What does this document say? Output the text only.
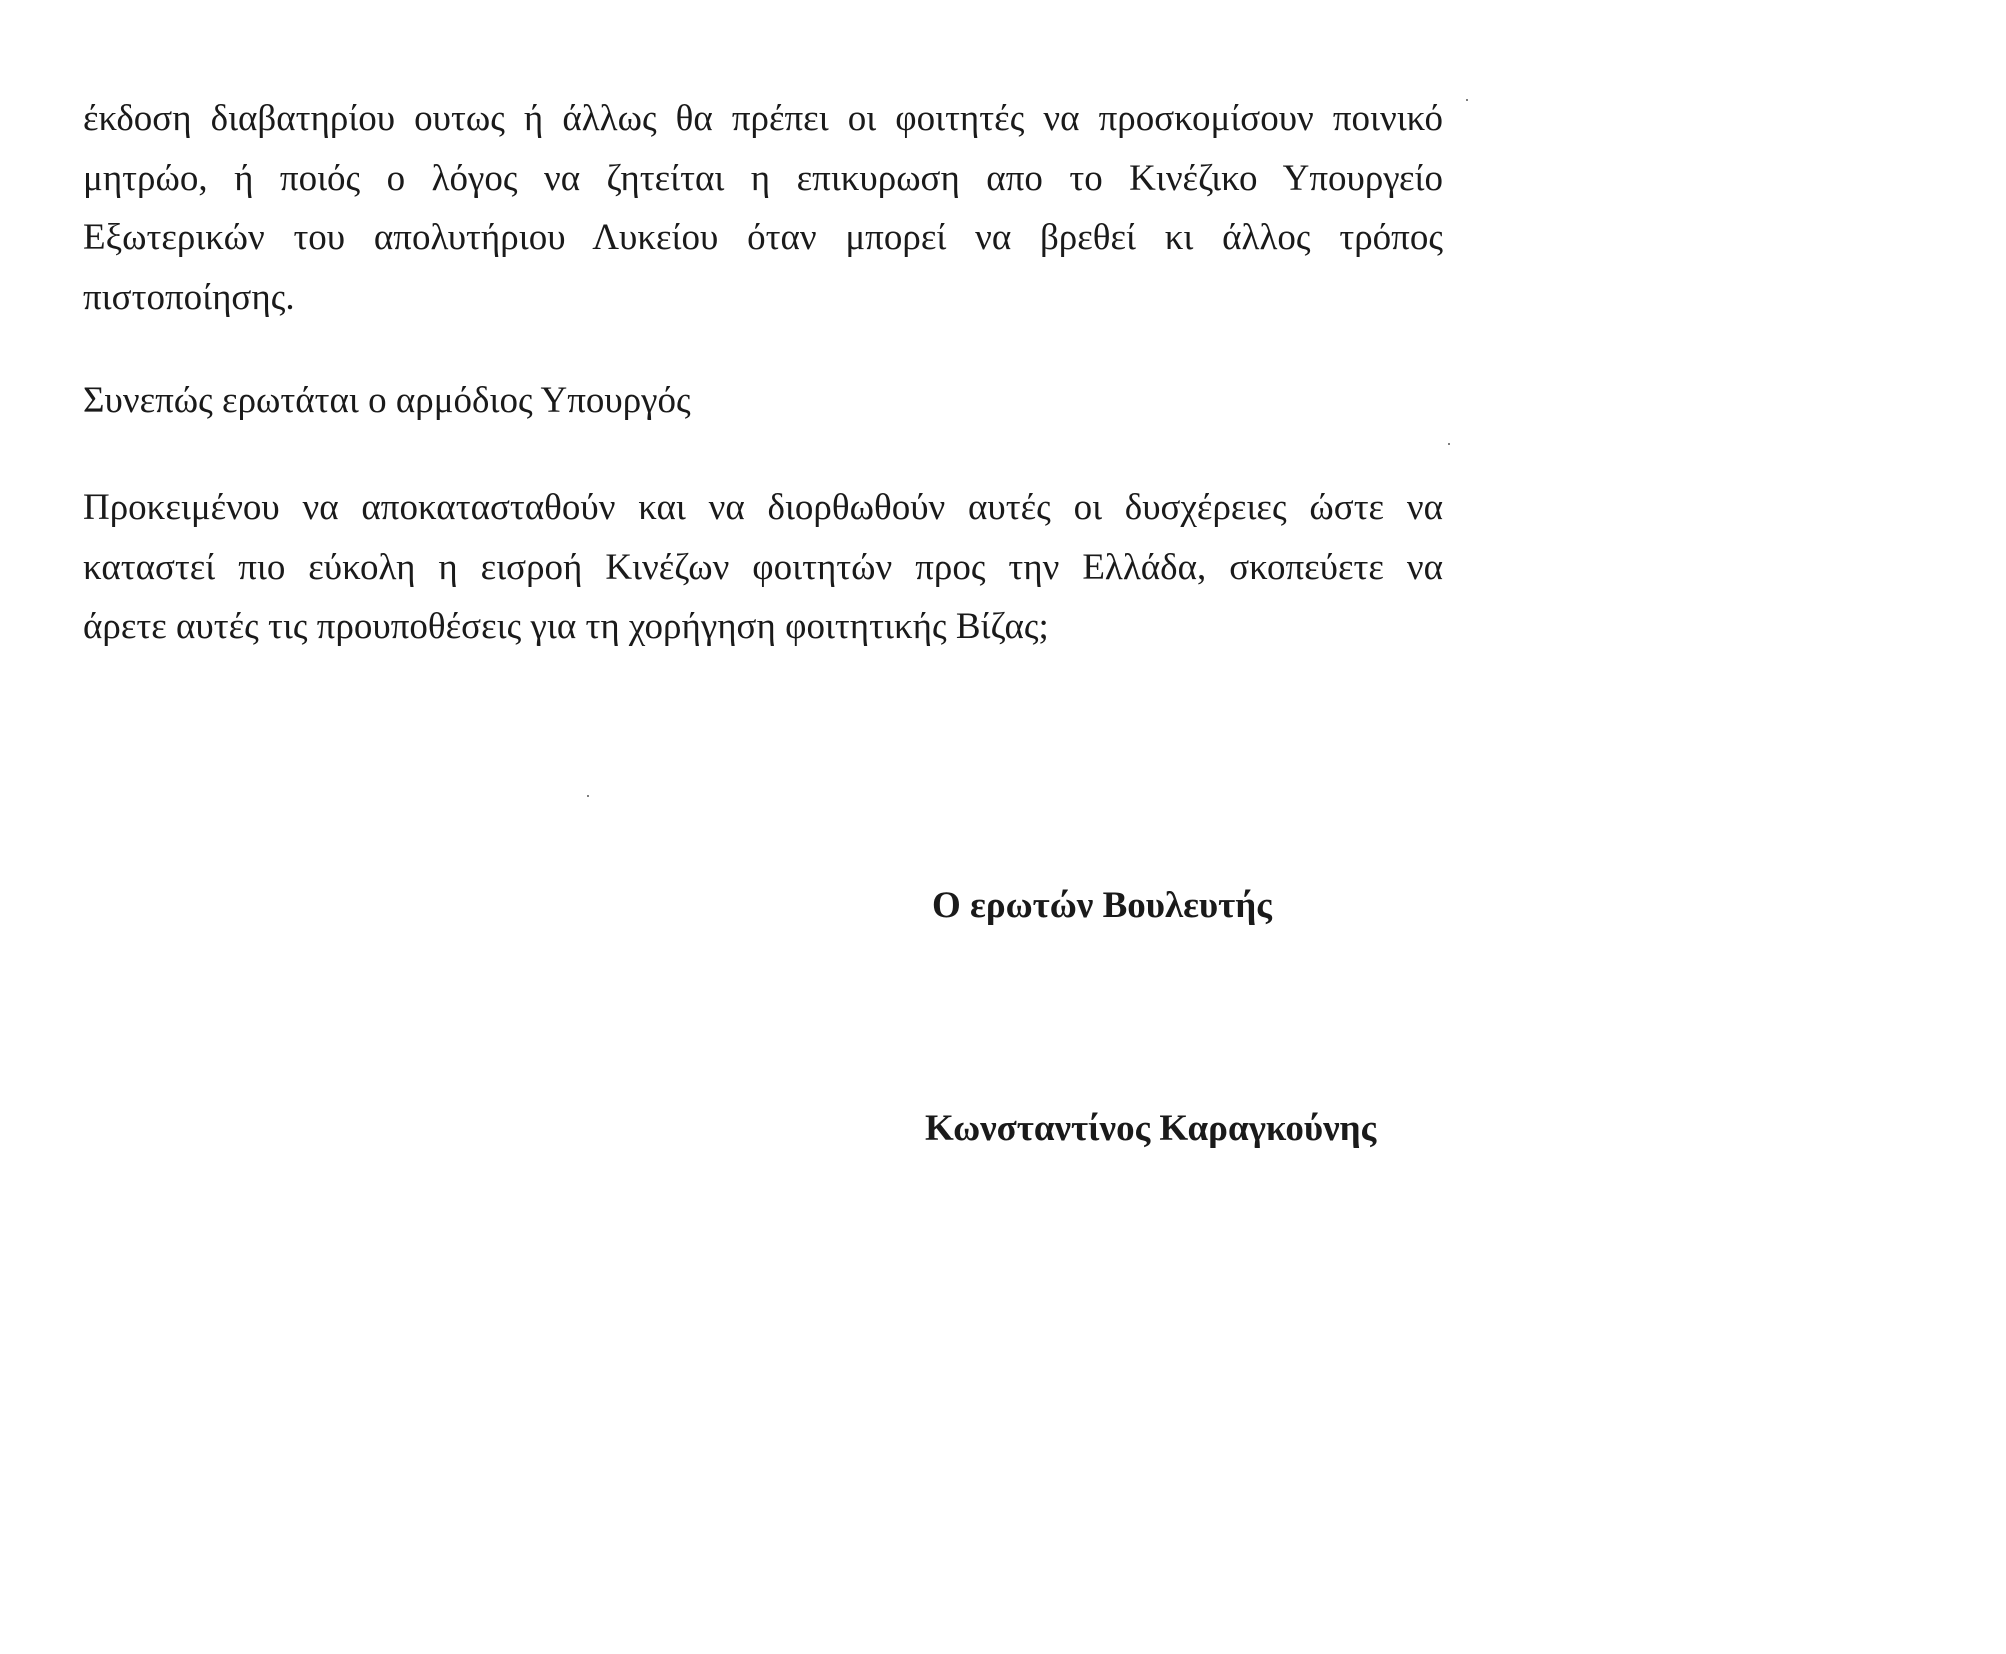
έκδοση διαβατηρίου ουτως ή άλλως θα πρέπει οι φοιτητές να προσκομίσουν ποινικό
μητρώο, ή ποιός ο λόγος να ζητείται η επικυρωση απο το Κινέζικο Υπουργείο
Εξωτερικών του απολυτήριου Λυκείου όταν μπορεί να βρεθεί κι άλλος τρόπος
πιστοποίησης.
Συνεπώς ερωτάται ο αρμόδιος Υπουργός
Προκειμένου να αποκατασταθούν και να διορθωθούν αυτές οι δυσχέρειες ώστε να
καταστεί πιο εύκολη η εισροή Κινέζων φοιτητών προς την Ελλάδα, σκοπεύετε να
άρετε αυτές τις προυποθέσεις για τη χορήγηση φοιτητικής Βίζας;

Ο ερωτών Βουλευτής

Κωνσταντίνος Καραγκούνης
